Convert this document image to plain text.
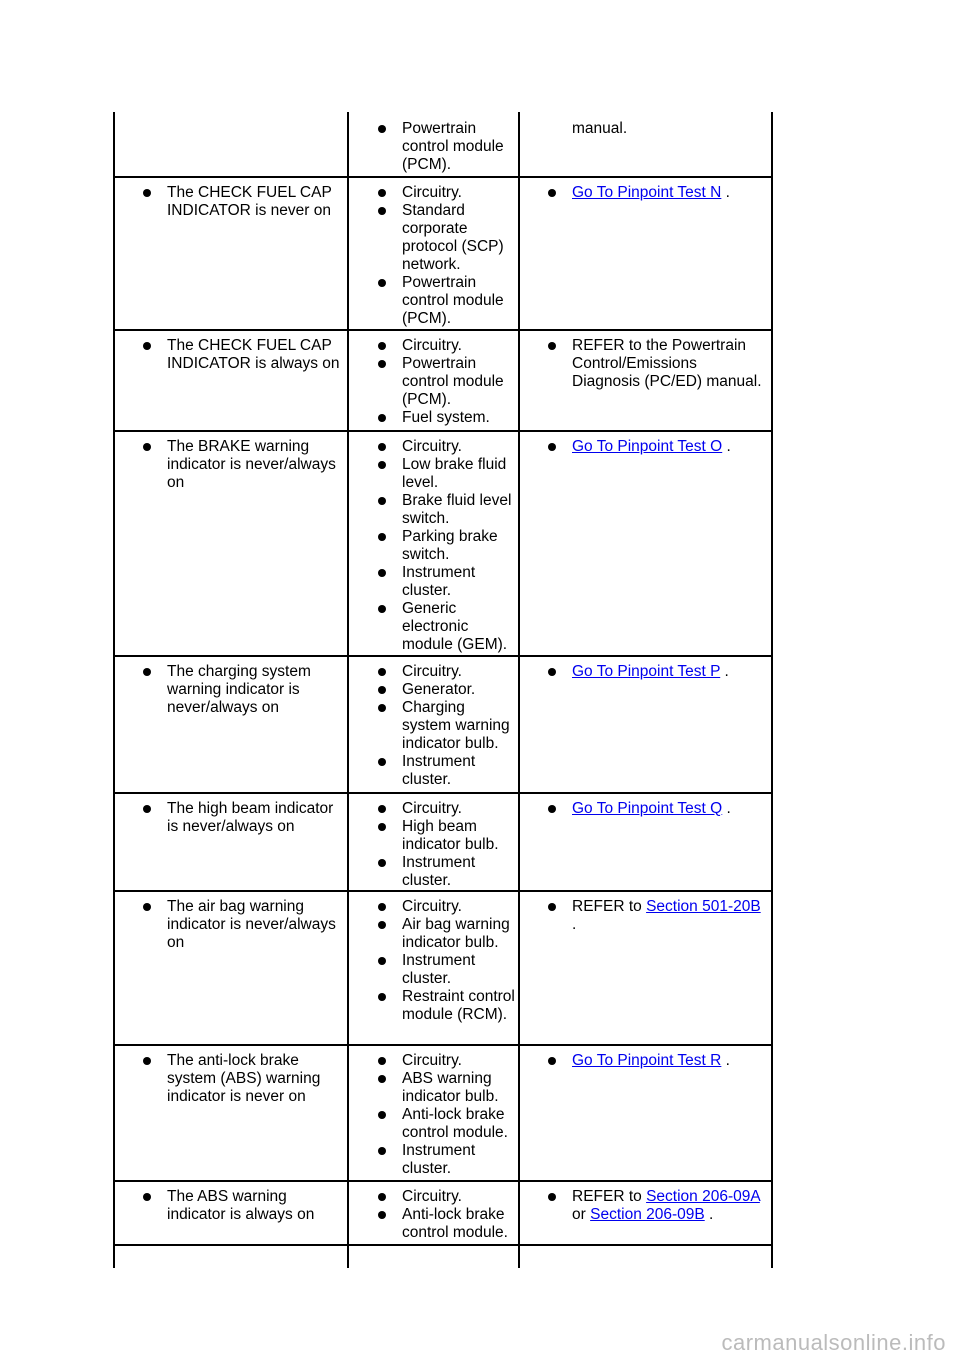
Powertrain control module (PCM).
manual.
The CHECK FUEL CAP INDICATOR is never on
Circuitry.
Standard corporate protocol (SCP) network.
Powertrain control module (PCM).
Go To Pinpoint Test N .
The CHECK FUEL CAP INDICATOR is always on
Circuitry.
Powertrain control module (PCM).
Fuel system.
REFER to the Powertrain Control/Emissions Diagnosis (PC/ED) manual.
The BRAKE warning indicator is never/always on
Circuitry.
Low brake fluid level.
Brake fluid level switch.
Parking brake switch.
Instrument cluster.
Generic electronic module (GEM).
Go To Pinpoint Test O .
The charging system warning indicator is never/always on
Circuitry.
Generator.
Charging system warning indicator bulb.
Instrument cluster.
Go To Pinpoint Test P .
The high beam indicator is never/always on
Circuitry.
High beam indicator bulb.
Instrument cluster.
Go To Pinpoint Test Q .
The air bag warning indicator is never/always on
Circuitry.
Air bag warning indicator bulb.
Instrument cluster.
Restraint control module (RCM).
REFER to Section 501-20B .
The anti-lock brake system (ABS) warning indicator is never on
Circuitry.
ABS warning indicator bulb.
Anti-lock brake control module.
Instrument cluster.
Go To Pinpoint Test R .
The ABS warning indicator is always on
Circuitry.
Anti-lock brake control module.
REFER to Section 206-09A or Section 206-09B .
carmanualsonline.info
